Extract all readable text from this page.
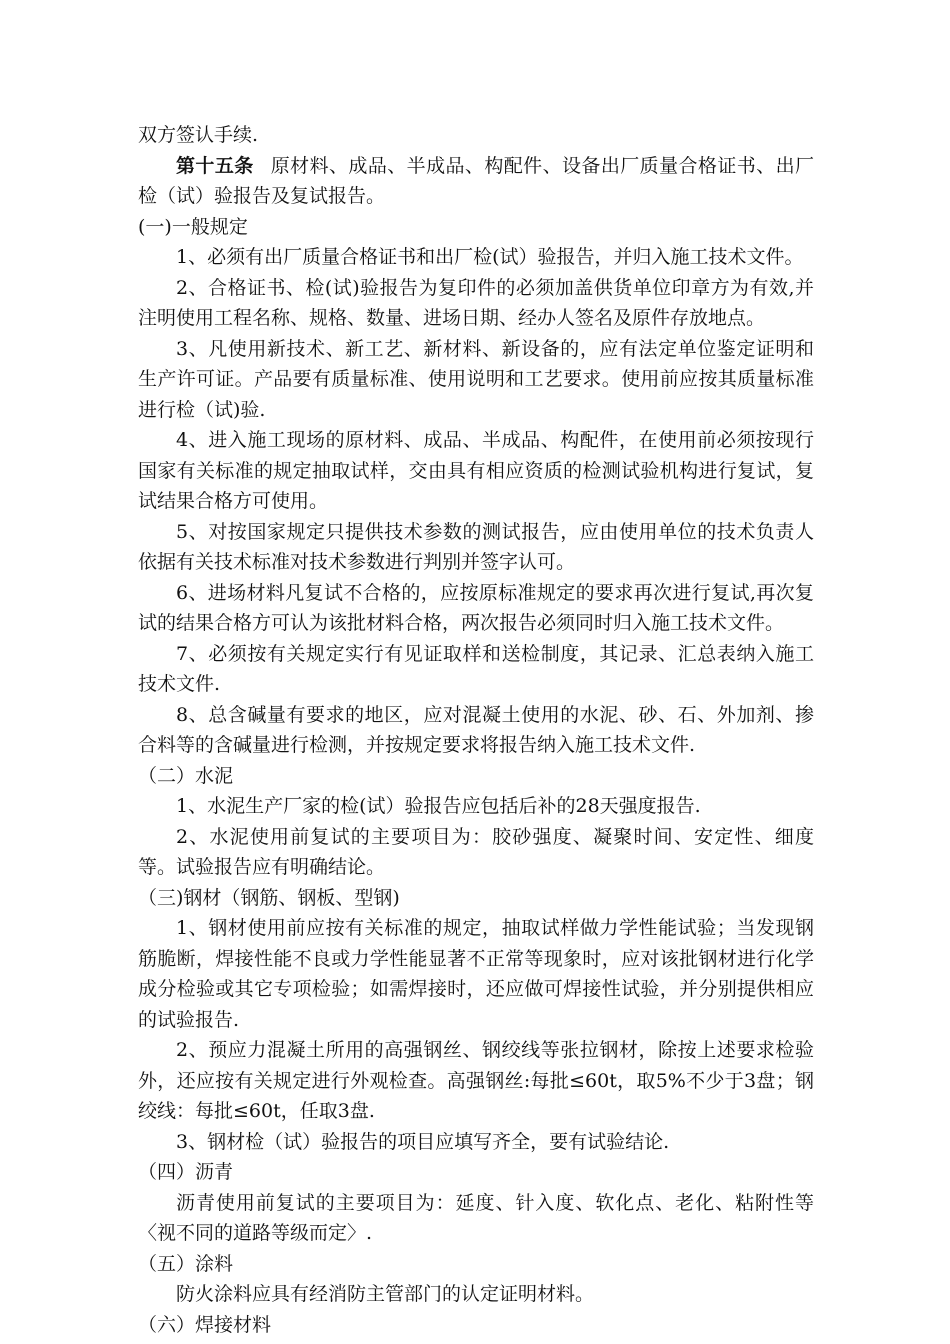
双方签认手续.

第十五条 原材料、成品、半成品、构配件、设备出厂质量合格证书、出厂检（试）验报告及复试报告。

(一)一般规定

1、必须有出厂质量合格证书和出厂检(试）验报告，并归入施工技术文件。

2、合格证书、检(试)验报告为复印件的必须加盖供货单位印章方为有效,并注明使用工程名称、规格、数量、进场日期、经办人签名及原件存放地点。

3、凡使用新技术、新工艺、新材料、新设备的，应有法定单位鉴定证明和生产许可证。产品要有质量标准、使用说明和工艺要求。使用前应按其质量标准进行检（试)验.

4、进入施工现场的原材料、成品、半成品、构配件，在使用前必须按现行国家有关标准的规定抽取试样，交由具有相应资质的检测试验机构进行复试，复试结果合格方可使用。

5、对按国家规定只提供技术参数的测试报告，应由使用单位的技术负责人依据有关技术标准对技术参数进行判别并签字认可。

6、进场材料凡复试不合格的，应按原标准规定的要求再次进行复试,再次复试的结果合格方可认为该批材料合格，两次报告必须同时归入施工技术文件。

7、必须按有关规定实行有见证取样和送检制度，其记录、汇总表纳入施工技术文件.

8、总含碱量有要求的地区，应对混凝土使用的水泥、砂、石、外加剂、掺合料等的含碱量进行检测，并按规定要求将报告纳入施工技术文件.

（二）水泥

1、水泥生产厂家的检(试）验报告应包括后补的28天强度报告.

2、水泥使用前复试的主要项目为：胶砂强度、凝聚时间、安定性、细度等。试验报告应有明确结论。

（三)钢材（钢筋、钢板、型钢)

1、钢材使用前应按有关标准的规定，抽取试样做力学性能试验；当发现钢筋脆断，焊接性能不良或力学性能显著不正常等现象时，应对该批钢材进行化学成分检验或其它专项检验；如需焊接时，还应做可焊接性试验，并分别提供相应的试验报告.

2、预应力混凝土所用的高强钢丝、钢绞线等张拉钢材，除按上述要求检验外，还应按有关规定进行外观检查。高强钢丝:每批≤60t，取5%不少于3盘；钢绞线：每批≤60t，任取3盘.

3、钢材检（试）验报告的项目应填写齐全，要有试验结论.

（四）沥青

沥青使用前复试的主要项目为：延度、针入度、软化点、老化、粘附性等〈视不同的道路等级而定〉.

（五）涂料

防火涂料应具有经消防主管部门的认定证明材料。

（六）焊接材料
